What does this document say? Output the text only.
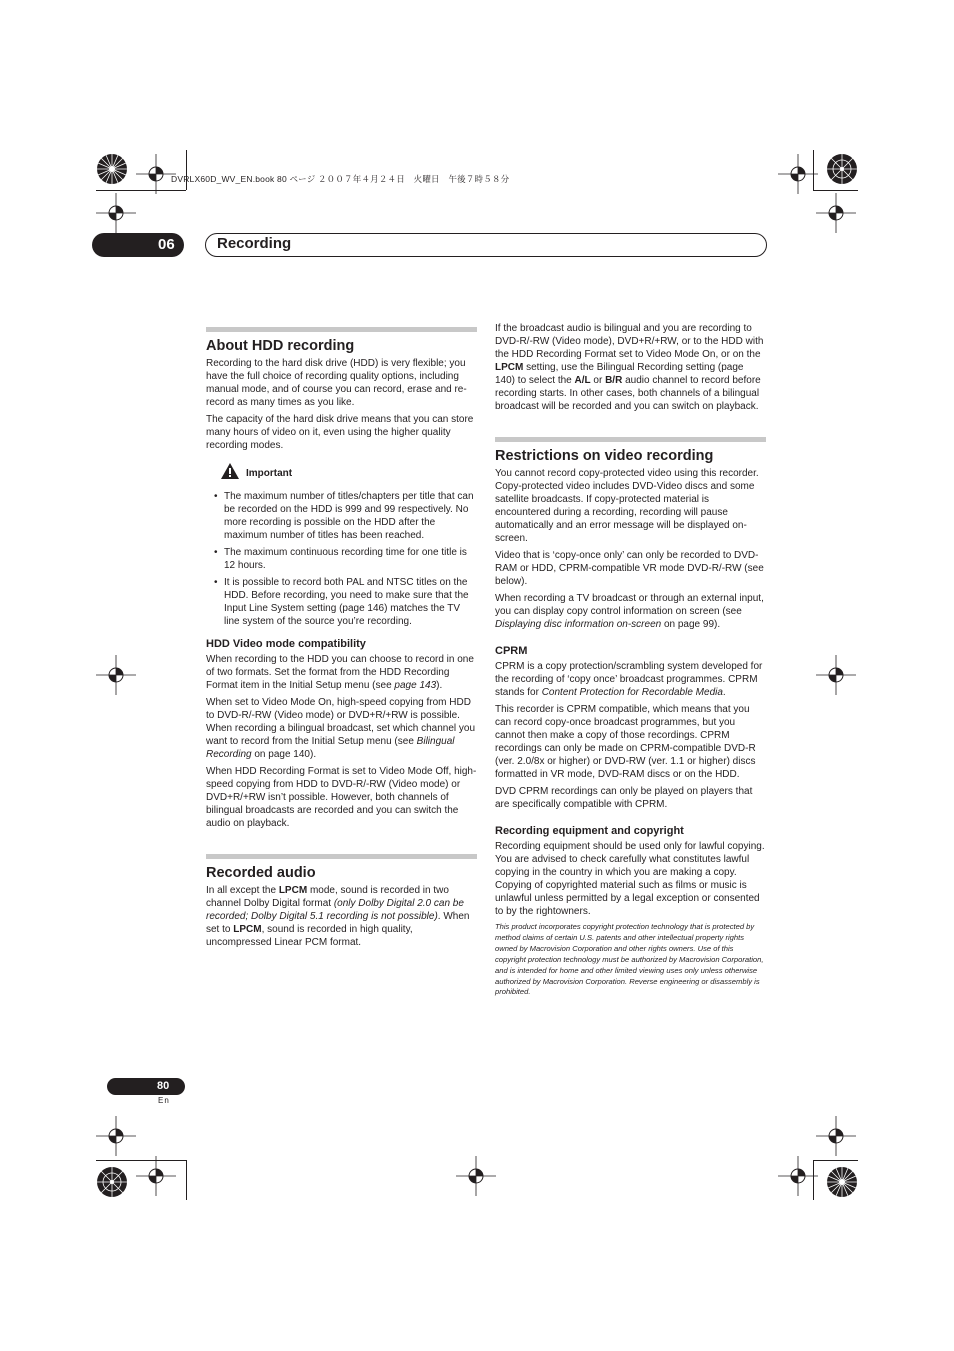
DVRLX60D_WV_EN.book 80 ページ ２００７年４月２４日　火曜日　午後７時５８分
06	Recording
About HDD recording

Recording to the hard disk drive (HDD) is very flexible; you have the full choice of recording quality options, including manual mode, and of course you can record, erase and re-record as many times as you like.

The capacity of the hard disk drive means that you can store many hours of video on it, even using the higher quality recording modes.

Important
• The maximum number of titles/chapters per title that can be recorded on the HDD is 999 and 99 respectively. No more recording is possible on the HDD after the maximum number of titles has been reached.
• The maximum continuous recording time for one title is 12 hours.
• It is possible to record both PAL and NTSC titles on the HDD. Before recording, you need to make sure that the Input Line System setting (page 146) matches the TV line system of the source you’re recording.
HDD Video mode compatibility

When recording to the HDD you can choose to record in one of two formats. Set the format from the HDD Recording Format item in the Initial Setup menu (see page 143).

When set to Video Mode On, high-speed copying from HDD to DVD-R/-RW (Video mode) or DVD+R/+RW is possible. When recording a bilingual broadcast, set which channel you want to record from the Initial Setup menu (see Bilingual Recording on page 140).

When HDD Recording Format is set to Video Mode Off, high-speed copying from HDD to DVD-R/-RW (Video mode) or DVD+R/+RW isn’t possible. However, both channels of bilingual broadcasts are recorded and you can switch the audio on playback.

Recorded audio

In all except the LPCM mode, sound is recorded in two channel Dolby Digital format (only Dolby Digital 2.0 can be recorded; Dolby Digital 5.1 recording is not possible). When set to LPCM, sound is recorded in high quality, uncompressed Linear PCM format.

If the broadcast audio is bilingual and you are recording to DVD-R/-RW (Video mode), DVD+R/+RW, or to the HDD with the HDD Recording Format set to Video Mode On, or on the LPCM setting, use the Bilingual Recording setting (page 140) to select the A/L or B/R audio channel to record before recording starts. In other cases, both channels of a bilingual broadcast will be recorded and you can switch on playback.

Restrictions on video recording

You cannot record copy-protected video using this recorder. Copy-protected video includes DVD-Video discs and some satellite broadcasts. If copy-protected material is encountered during a recording, recording will pause automatically and an error message will be displayed on-screen.

Video that is ‘copy-once only’ can only be recorded to DVD-RAM or HDD, CPRM-compatible VR mode DVD-R/-RW (see below).

When recording a TV broadcast or through an external input, you can display copy control information on screen (see Displaying disc information on-screen on page 99).

CPRM

CPRM is a copy protection/scrambling system developed for the recording of ‘copy once’ broadcast programmes. CPRM stands for Content Protection for Recordable Media.

This recorder is CPRM compatible, which means that you can record copy-once broadcast programmes, but you cannot then make a copy of those recordings. CPRM recordings can only be made on CPRM-compatible DVD-R (ver. 2.0/8x or higher) or DVD-RW (ver. 1.1 or higher) discs formatted in VR mode, DVD-RAM discs or on the HDD.

DVD CPRM recordings can only be played on players that are specifically compatible with CPRM.

Recording equipment and copyright

Recording equipment should be used only for lawful copying. You are advised to check carefully what constitutes lawful copying in the country in which you are making a copy. Copying of copyrighted material such as films or music is unlawful unless permitted by a legal exception or consented to by the rightowners.

This product incorporates copyright protection technology that is protected by method claims of certain U.S. patents and other intellectual property rights owned by Macrovision Corporation and other rights owners. Use of this copyright protection technology must be authorized by Macrovision Corporation, and is intended for home and other limited viewing uses only unless otherwise authorized by Macrovision Corporation. Reverse engineering or disassembly is prohibited.

80
En
